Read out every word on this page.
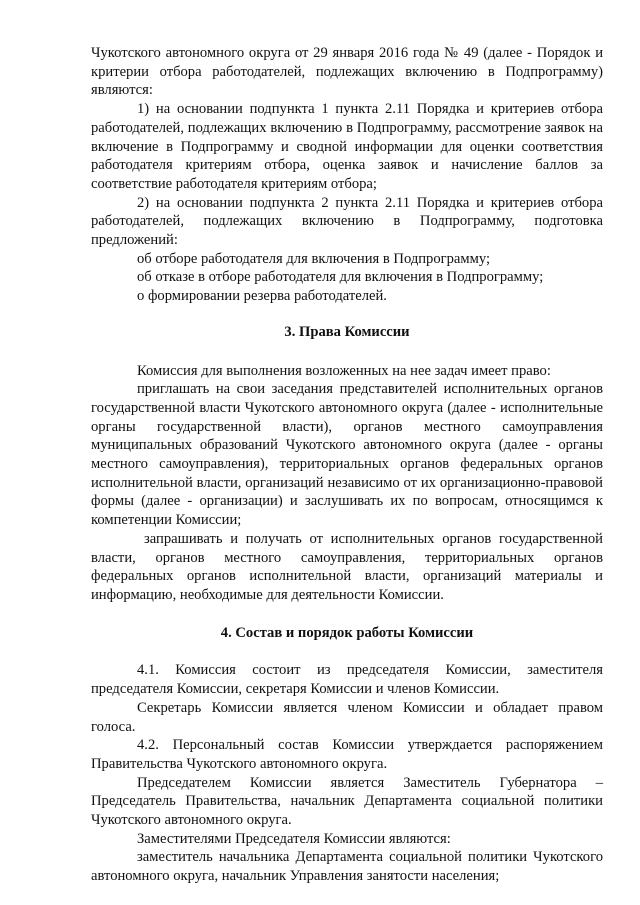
Чукотского автономного округа от 29 января 2016 года № 49 (далее - Порядок и критерии отбора работодателей, подлежащих включению в Подпрограмму) являются:

1) на основании подпункта 1 пункта 2.11 Порядка и критериев отбора работодателей, подлежащих включению в Подпрограмму, рассмотрение заявок на включение в Подпрограмму и сводной информации для оценки соответствия работодателя критериям отбора, оценка заявок и начисление баллов за соответствие работодателя критериям отбора;

2) на основании подпункта 2 пункта 2.11 Порядка и критериев отбора работодателей, подлежащих включению в Подпрограмму, подготовка предложений:

об отборе работодателя для включения в Подпрограмму;

об отказе в отборе работодателя для включения в Подпрограмму;

о формировании резерва работодателей.

3. Права Комиссии

Комиссия для выполнения возложенных на нее задач имеет право:

приглашать на свои заседания представителей исполнительных органов государственной власти Чукотского автономного округа (далее - исполнительные органы государственной власти), органов местного самоуправления муниципальных образований Чукотского автономного округа (далее - органы местного самоуправления), территориальных органов федеральных органов исполнительной власти, организаций независимо от их организационно-правовой формы (далее - организации) и заслушивать их по вопросам, относящимся к компетенции Комиссии;

запрашивать и получать от исполнительных органов государственной власти, органов местного самоуправления, территориальных органов федеральных органов исполнительной власти, организаций материалы и информацию, необходимые для деятельности Комиссии.

4. Состав и порядок работы Комиссии

4.1. Комиссия состоит из председателя Комиссии, заместителя председателя Комиссии, секретаря Комиссии и членов Комиссии.

Секретарь Комиссии является членом Комиссии и обладает правом голоса.

4.2. Персональный состав Комиссии утверждается распоряжением Правительства Чукотского автономного округа.

Председателем Комиссии является Заместитель Губернатора – Председатель Правительства, начальник Департамента социальной политики Чукотского автономного округа.

Заместителями Председателя Комиссии являются:

заместитель начальника Департамента социальной политики Чукотского автономного округа, начальник Управления занятости населения;
